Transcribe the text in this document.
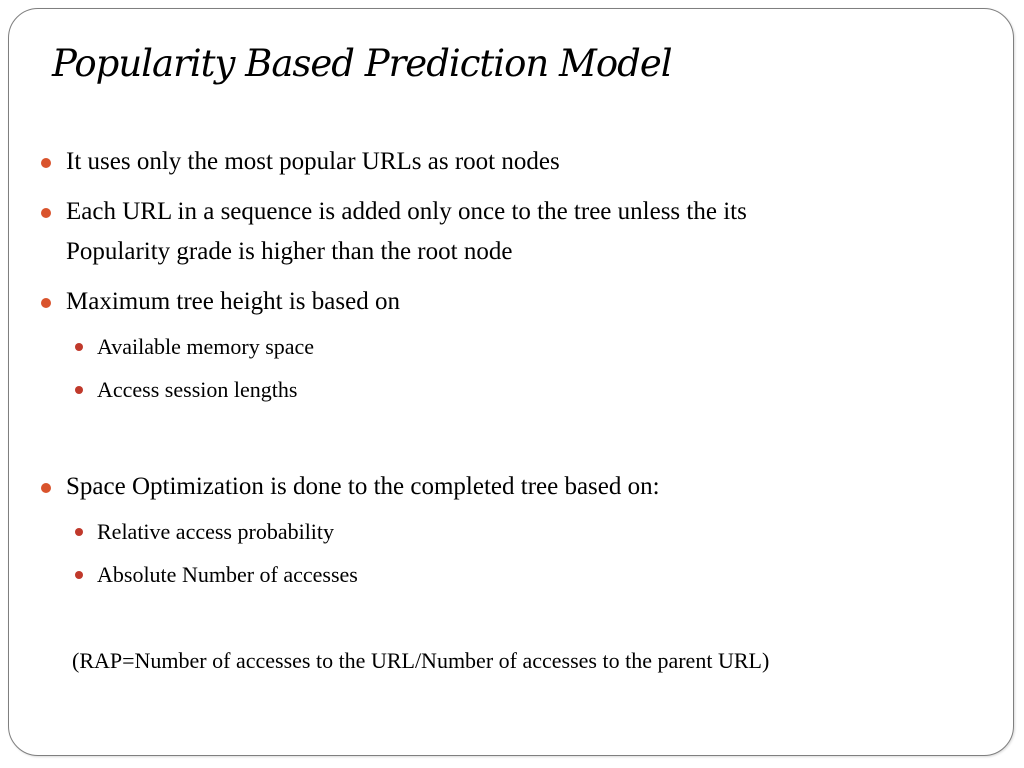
Popularity Based Prediction Model
It uses only the most popular URLs as root nodes
Each URL in a sequence is added only once to the tree unless the its
Popularity grade is higher than the root node
Maximum tree height is based on
Available memory space
Access session lengths
Space Optimization is done to the completed tree based on:
Relative access probability
Absolute Number of accesses
(RAP=Number of accesses to the URL/Number of accesses to the parent URL)
